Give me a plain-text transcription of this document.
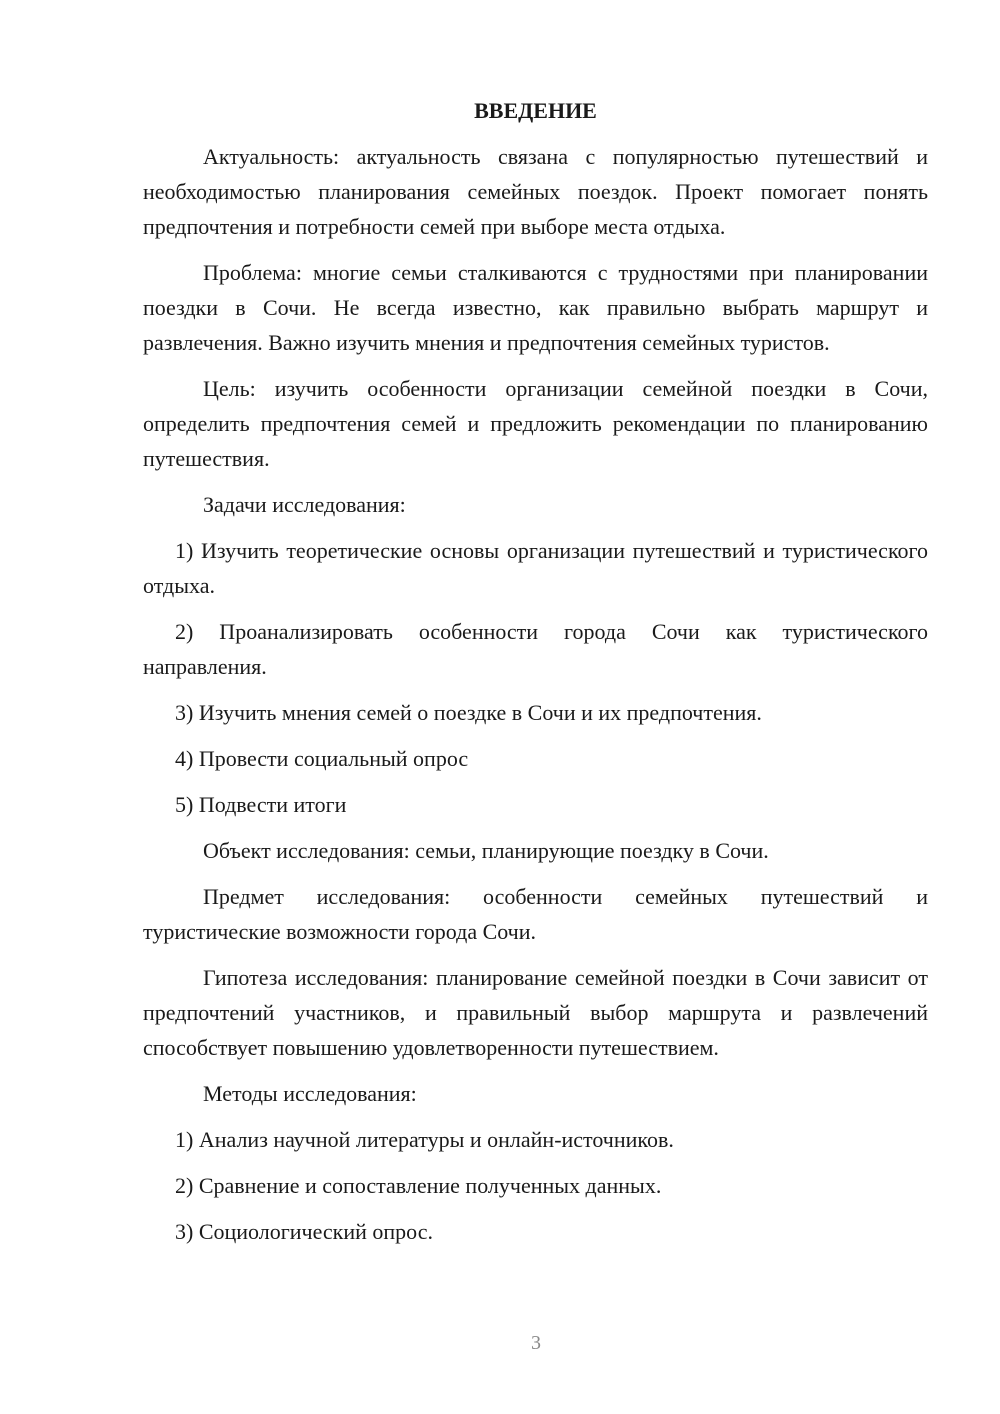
ВВЕДЕНИЕ

Актуальность: актуальность связана с популярностью путешествий и необходимостью планирования семейных поездок. Проект помогает понять предпочтения и потребности семей при выборе места отдыха.

Проблема: многие семьи сталкиваются с трудностями при планировании поездки в Сочи. Не всегда известно, как правильно выбрать маршрут и развлечения. Важно изучить мнения и предпочтения семейных туристов.

Цель: изучить особенности организации семейной поездки в Сочи, определить предпочтения семей и предложить рекомендации по планированию путешествия.

Задачи исследования:

1) Изучить теоретические основы организации путешествий и туристического отдыха.

2) Проанализировать особенности города Сочи как туристического направления.

3) Изучить мнения семей о поездке в Сочи и их предпочтения.

4) Провести социальный опрос

5) Подвести итоги

Объект исследования: семьи, планирующие поездку в Сочи.

Предмет исследования: особенности семейных путешествий и туристические возможности города Сочи.

Гипотеза исследования: планирование семейной поездки в Сочи зависит от предпочтений участников, и правильный выбор маршрута и развлечений способствует повышению удовлетворенности путешествием.

Методы исследования:

1) Анализ научной литературы и онлайн-источников.

2) Сравнение и сопоставление полученных данных.

3) Социологический опрос.

3
